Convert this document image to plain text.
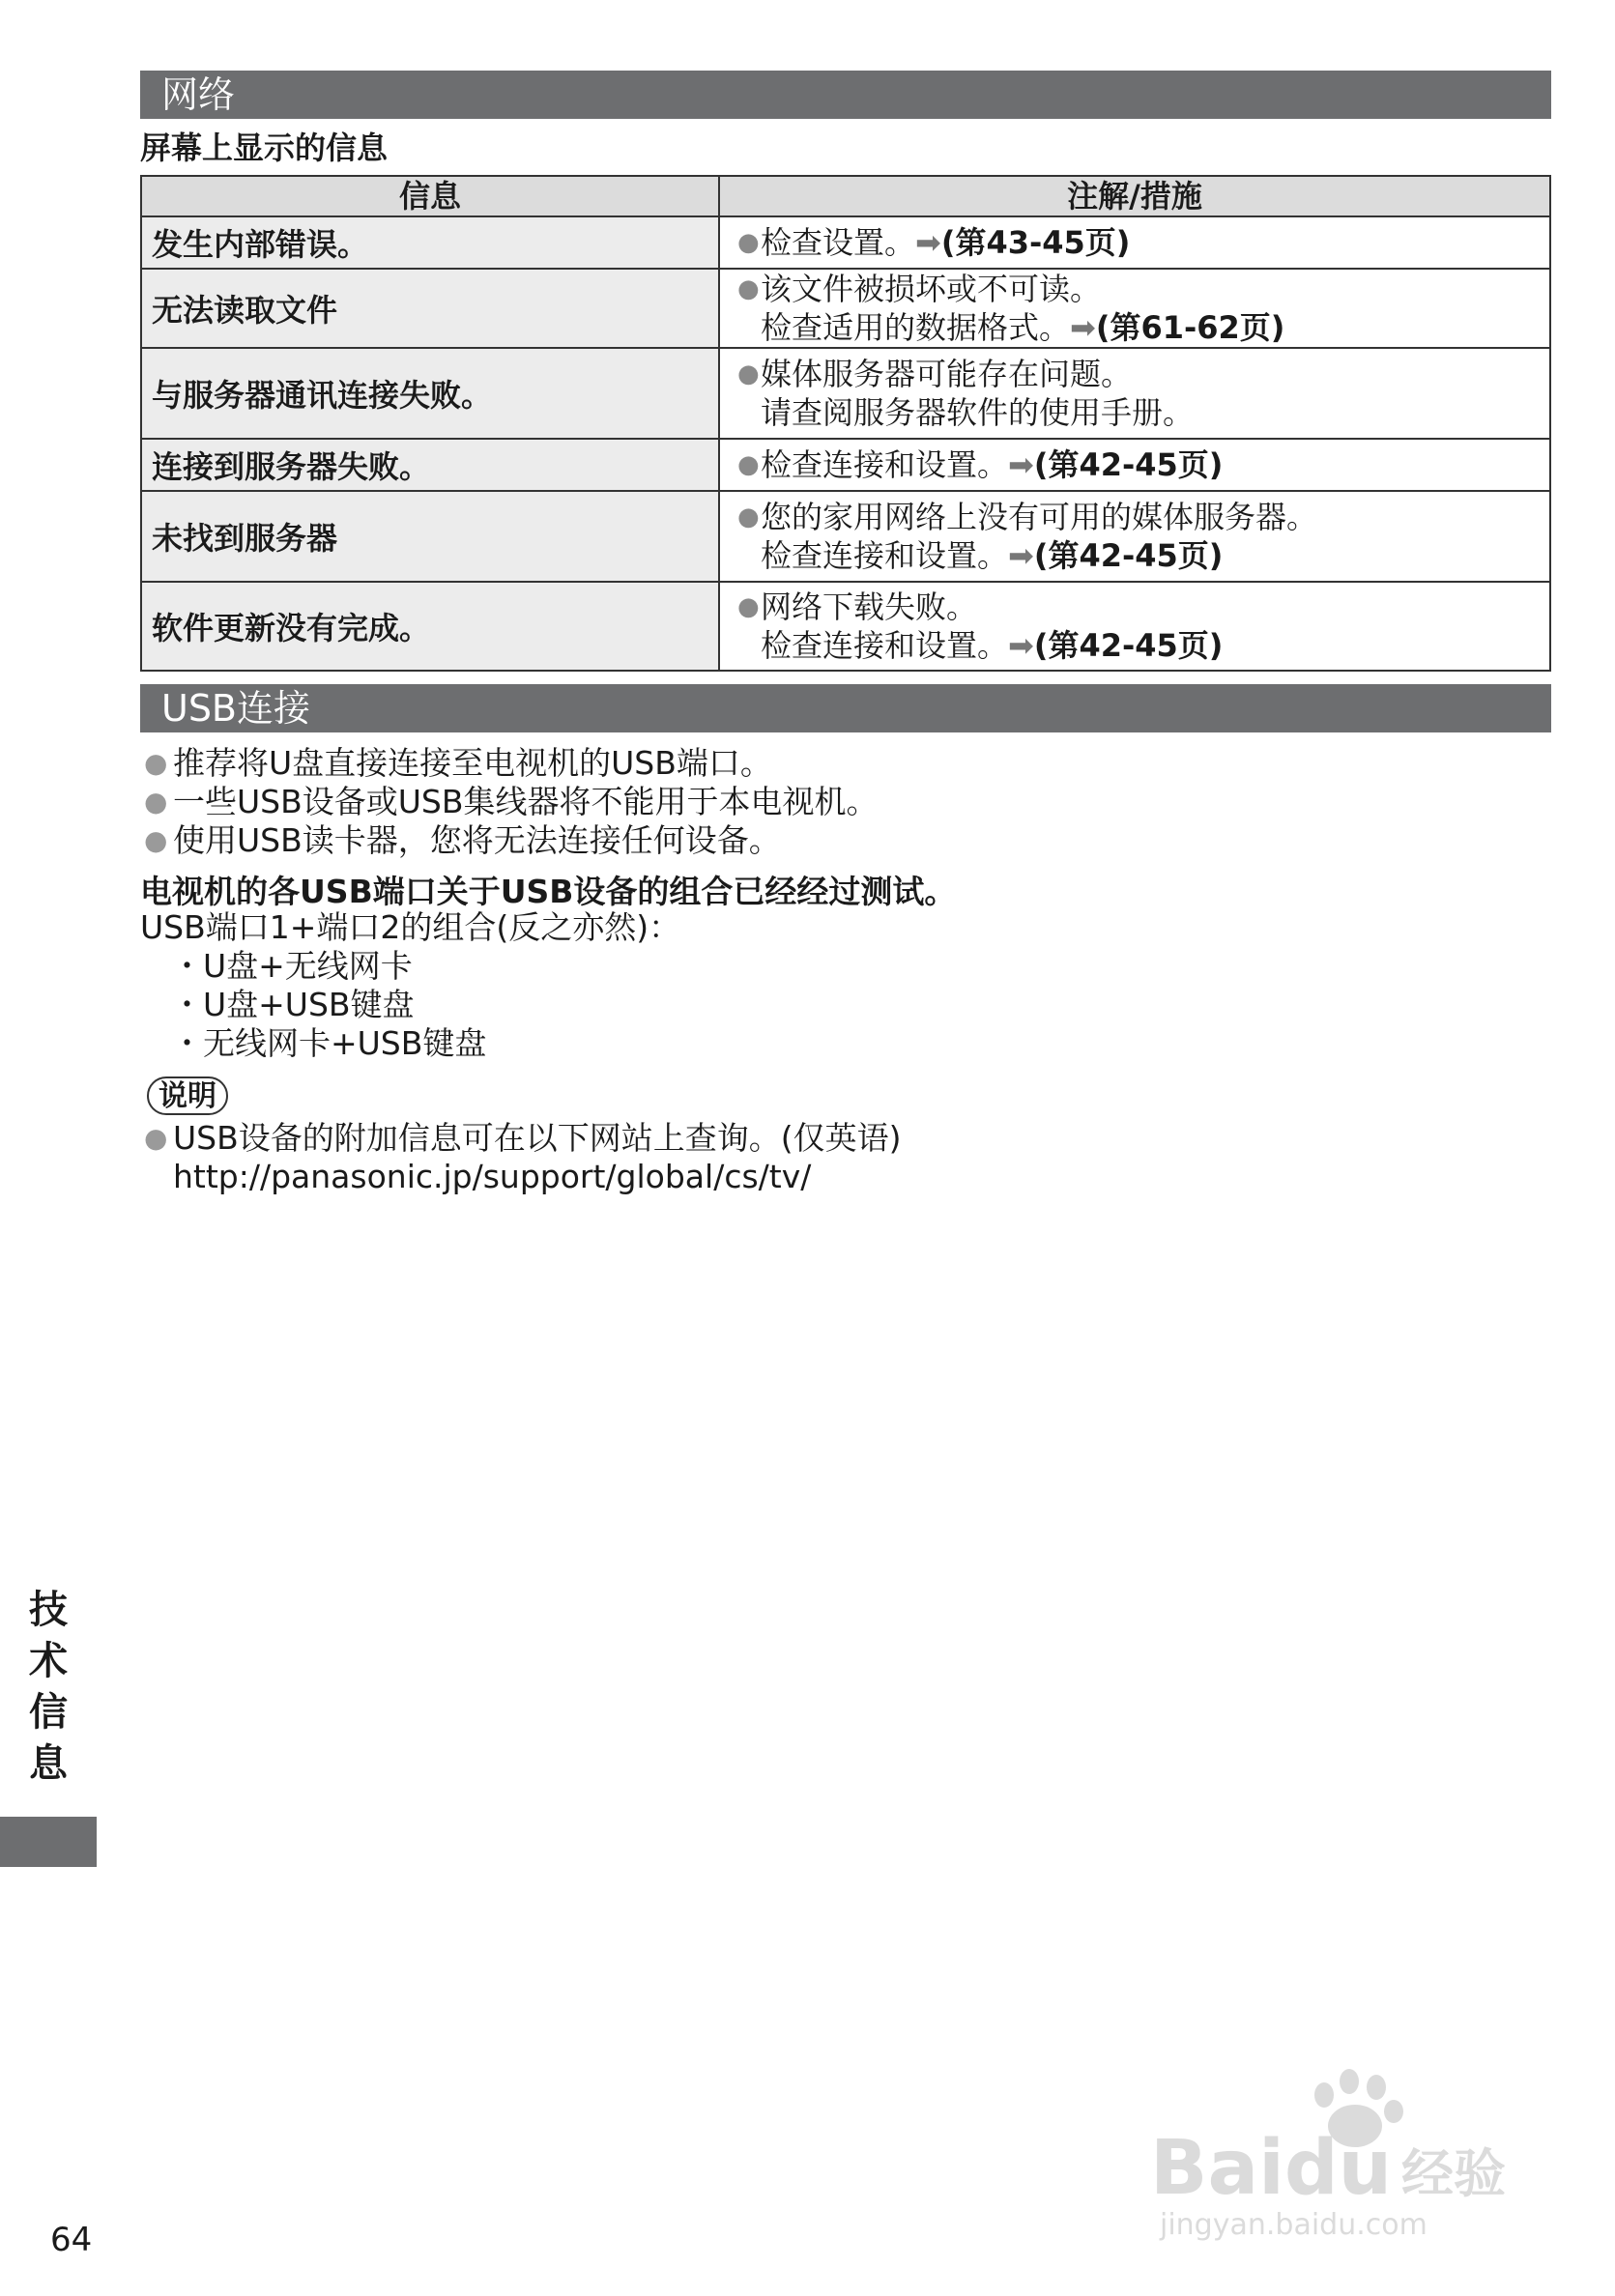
网络
屏幕上显示的信息
信息	注解/措施
发生内部错误。	● 检查设置。➡(第43-45页)

无法读取文件	● 该文件被损坏或不可读。
检查适用的数据格式。➡(第61-62页)

与服务器通讯连接失败。	● 媒体服务器可能存在问题。
请查阅服务器软件的使用手册。

连接到服务器失败。	● 检查连接和设置。➡(第42-45页)

未找到服务器	● 您的家用网络上没有可用的媒体服务器。
检查连接和设置。➡(第42-45页)

软件更新没有完成。	● 网络下载失败。
检查连接和设置。➡(第42-45页)
USB连接
● 推荐将U盘直接连接至电视机的USB端口。
● 一些USB设备或USB集线器将不能用于本电视机。
● 使用USB读卡器，您将无法连接任何设备。
电视机的各USB端口关于USB设备的组合已经经过测试。
USB端口1+端口2的组合(反之亦然)：
・U盘+无线网卡
・U盘+USB键盘
・无线网卡+USB键盘
说明
● USB设备的附加信息可在以下网站上查询。(仅英语)
http://panasonic.jp/support/global/cs/tv/
技
术
信
息
64
Baidu 经验
jingyan.baidu.com
